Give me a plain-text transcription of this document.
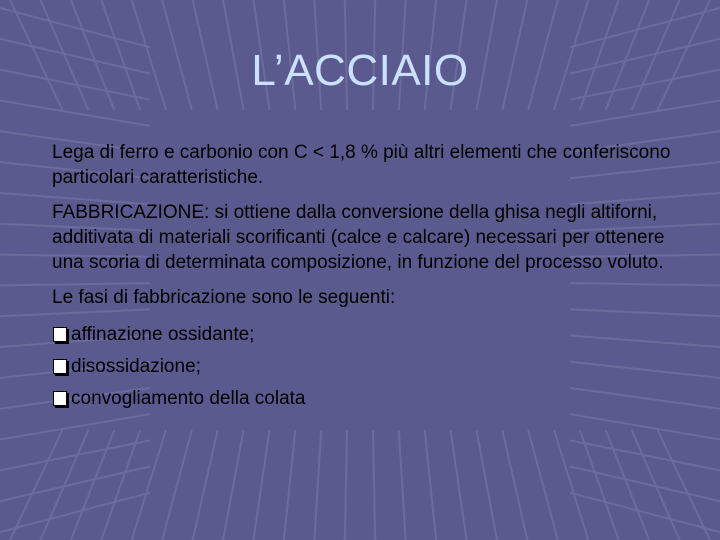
L’ACCIAIO

Lega di ferro e carbonio con C < 1,8 % più altri elementi che conferiscono particolari caratteristiche.

FABBRICAZIONE: si ottiene dalla conversione della ghisa negli altiforni, additivata di materiali scorificanti (calce e calcare) necessari per ottenere una scoria di determinata composizione, in funzione del processo voluto.

Le fasi di fabbricazione sono le seguenti:

affinazione ossidante;
disossidazione;
convogliamento della colata
